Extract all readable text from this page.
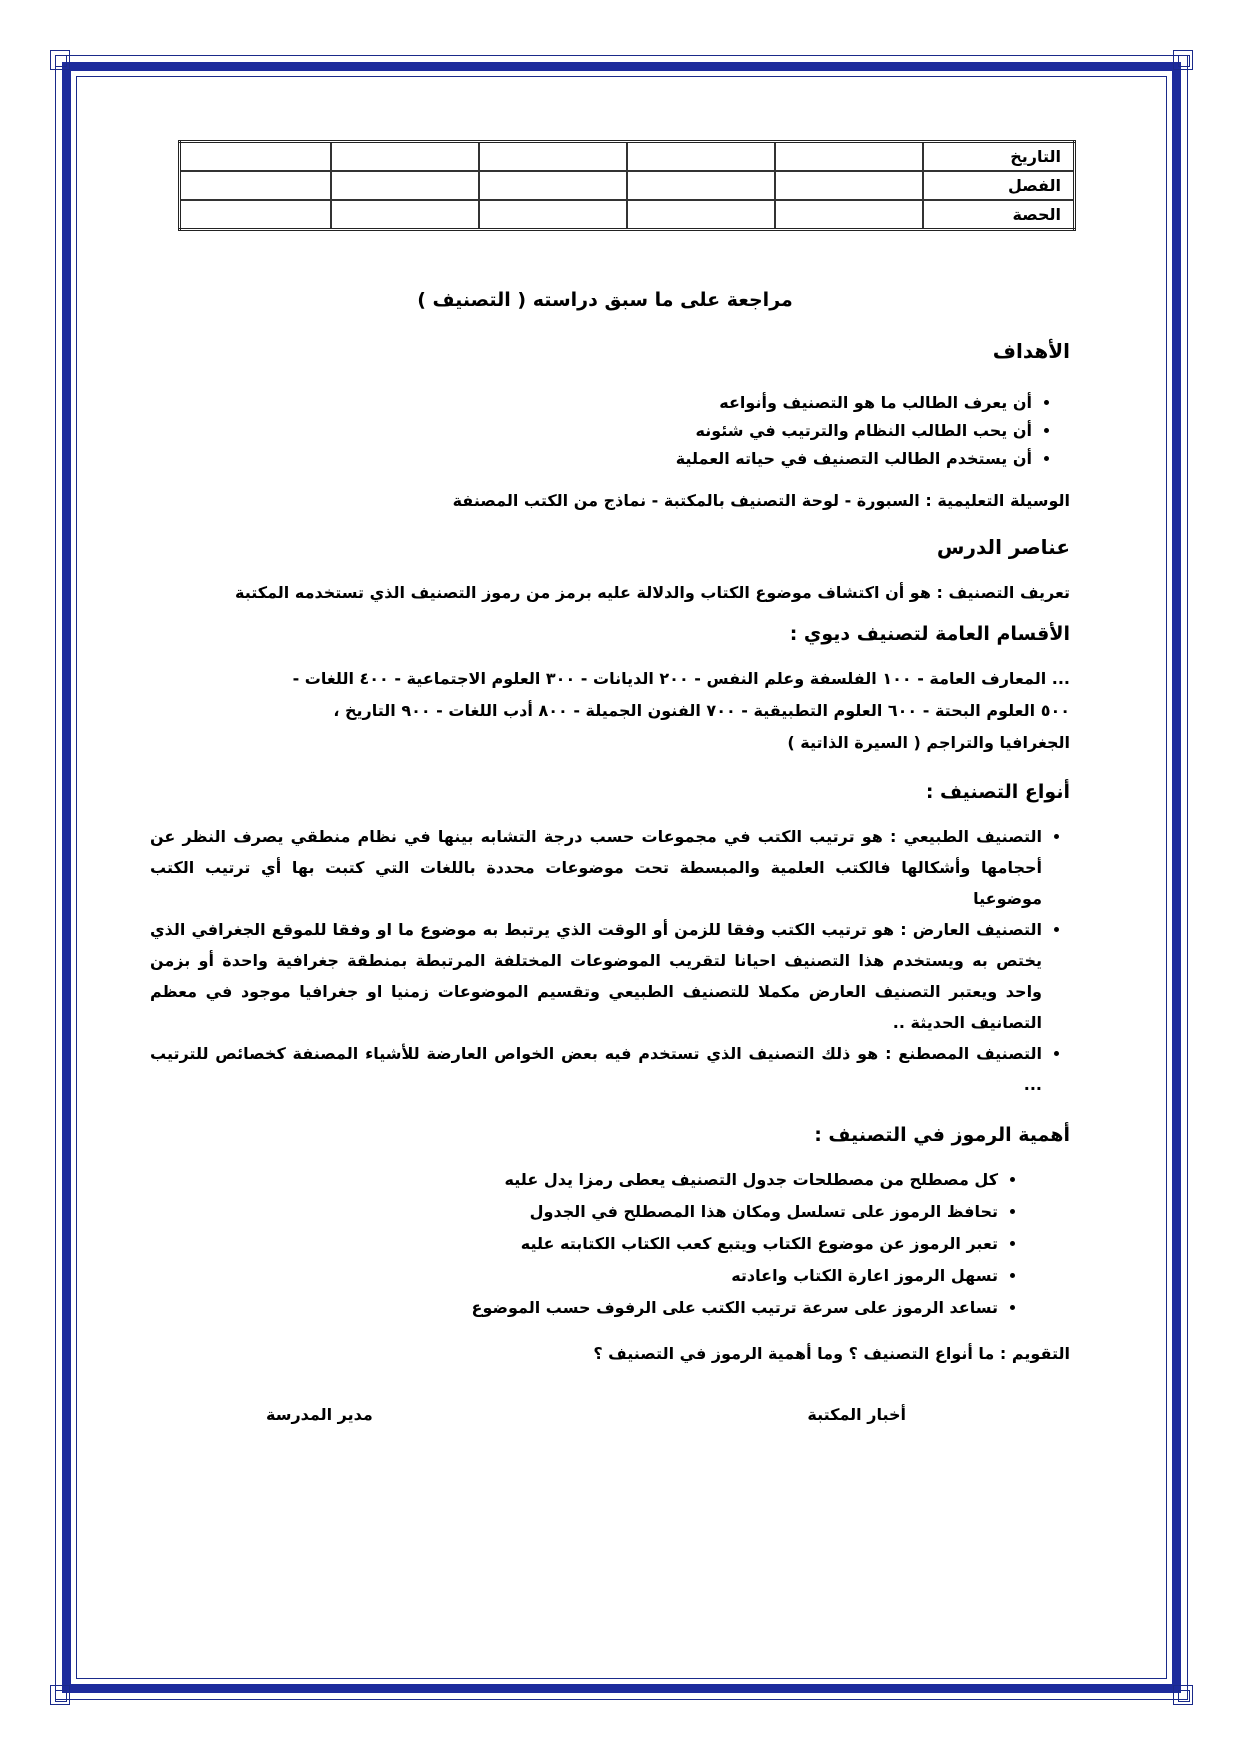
التاريخ					
الفصل					
الحصة					
مراجعة على ما سبق دراسته ( التصنيف )
الأهداف
• أن يعرف الطالب ما هو التصنيف وأنواعه
• أن يحب الطالب النظام والترتيب في شئونه
• أن يستخدم الطالب التصنيف في حياته العملية

الوسيلة التعليمية : السبورة - لوحة التصنيف بالمكتبة - نماذج من الكتب المصنفة

عناصر الدرس

تعريف التصنيف : هو أن اكتشاف موضوع الكتاب والدلالة عليه برمز من رموز التصنيف الذي تستخدمه المكتبة

الأقسام العامة لتصنيف ديوي :

... المعارف العامة - ١٠٠ الفلسفة وعلم النفس - ٢٠٠ الديانات - ٣٠٠ العلوم الاجتماعية - ٤٠٠ اللغات -

٥٠٠ العلوم البحتة - ٦٠٠ العلوم التطبيقية - ٧٠٠ الفنون الجميلة - ٨٠٠ أدب اللغات - ٩٠٠ التاريخ ،

الجغرافيا والتراجم ( السيرة الذاتية )

أنواع التصنيف :
• التصنيف الطبيعي : هو ترتيب الكتب في مجموعات حسب درجة التشابه بينها في نظام منطقي يصرف النظر عن أحجامها وأشكالها فالكتب العلمية والمبسطة تحت موضوعات محددة باللغات التي كتبت بها أي ترتيب الكتب موضوعيا
• التصنيف العارض : هو ترتيب الكتب وفقا للزمن أو الوقت الذي يرتبط به موضوع ما او وفقا للموقع الجغرافي الذي يختص به ويستخدم هذا التصنيف احيانا لتقريب الموضوعات المختلفة المرتبطة بمنطقة جغرافية واحدة أو بزمن واحد ويعتبر التصنيف العارض مكملا للتصنيف الطبيعي وتقسيم الموضوعات زمنيا او جغرافيا موجود في معظم التصانيف الحديثة ..
• التصنيف المصطنع : هو ذلك التصنيف الذي تستخدم فيه بعض الخواص العارضة للأشياء المصنفة كخصائص للترتيب ...
أهمية الرموز في التصنيف :
• كل مصطلح من مصطلحات جدول التصنيف يعطى رمزا يدل عليه
• تحافظ الرموز على تسلسل ومكان هذا المصطلح في الجدول
• تعبر الرموز عن موضوع الكتاب ويتبع كعب الكتاب الكتابته عليه
• تسهل الرموز اعارة الكتاب واعادته
• تساعد الرموز على سرعة ترتيب الكتب على الرفوف حسب الموضوع

التقويم : ما أنواع التصنيف ؟ وما أهمية الرموز في التصنيف ؟

أخبار المكتبة
مدير المدرسة
